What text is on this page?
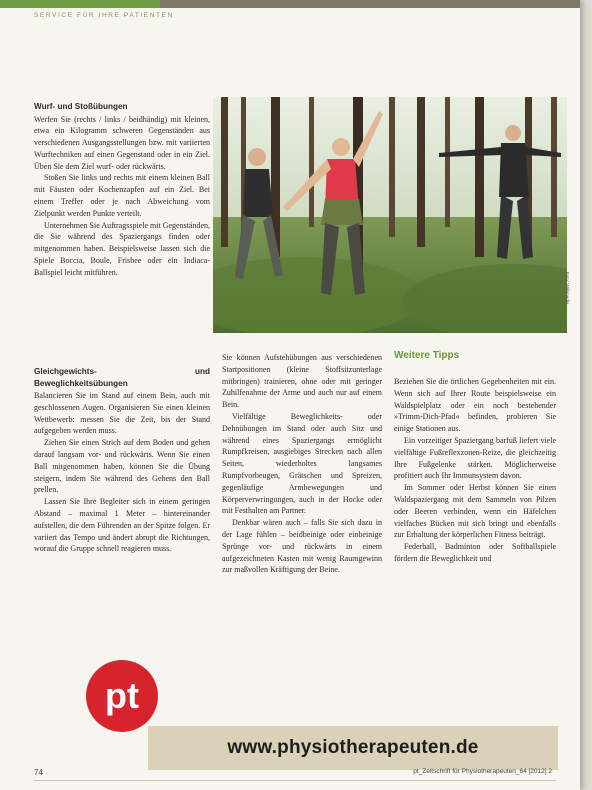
SERVICE FÜR IHRE PATIENTEN
Wurf- und Stoßübungen

Werfen Sie (rechts / links / beidhändig) mit kleinen, etwa ein Kilogramm schweren Gegenständen aus verschiedenen Ausgangsstellungen bzw. mit variierten Wurftechniken auf einen Gegenstand oder in ein Ziel. Üben Sie dem Ziel wurf- oder rückwärts.

Stoßen Sie links und rechts mit einem kleinen Ball mit Fäusten oder Kochenzapfen auf ein Ziel. Bei einem Treffer oder je nach Abweichung vom Zielpunkt werden Punkte verteilt.

Unternehmen Sie Auftragsspiele mit Gegenständen, die Sie während des Spaziergangs finden oder mitgenommen haben. Beispielsweise lassen sich die Spiele Boccia, Boule, Frisbee oder ein Indiaca-Ballspiel leicht mitführen.

Gleichgewichts- und Beweglichkeitsübungen

Balancieren Sie im Stand auf einem Bein, auch mit geschlossenen Augen. Organisieren Sie einen kleinen Wettbewerb: messen Sie die Zeit, bis der Stand aufgegeben werden muss.

Ziehen Sie einen Strich auf dem Boden und gehen darauf langsam vor- und rückwärts. Wenn Sie einen Ball mitgenommen haben, können Sie die Übung steigern, indem Sie während des Gehens den Ball prellen.

Lassen Sie Ihre Begleiter sich in einem geringen Abstand – maximal 1 Meter – hintereinander aufstellen, die dem Führenden an der Spitze folgen. Er variiert das Tempo und ändert abrupt die Richtungen, worauf die Gruppe schnell reagieren muss.

Foto: Wikimedia

Sie können Aufstehübungen aus verschiedenen Startpositionen (kleine Stoffsitzunterlage mitbringen) trainieren, ohne oder mit geringer Zuhilfenahme der Arme und auch nur auf einem Bein.

Vielfältige Beweglichkeits- oder Dehnübungen im Stand oder auch Sitz und während eines Spaziergangs ermöglicht Rumpfkreisen, ausgiebiges Strecken nach allen Seiten, wiederholtes langsames Rumpfvorbeugen, Grätschen und Spreizen, gegenläufige Armbewegungen und Körperverwringungen, auch in der Hocke oder mit Festhalten am Partner.

Denkbar wären auch – falls Sie sich dazu in der Lage fühlen – beidbeinige oder einbeinige Sprünge vor- und rückwärts in einem aufgezeichneten Kasten mit wenig Raumgewinn zur maßvollen Kräftigung der Beine.

Weitere Tipps

Beziehen Sie die örtlichen Gegebenheiten mit ein. Wenn sich auf Ihrer Route beispielsweise ein Waldspielplatz oder ein noch bestehender »Trimm-Dich-Pfad« befinden, probieren Sie einige Stationen aus.

Ein vorzeitiger Spaziergang barfuß liefert viele vielfältige Fußreflexzonen-Reize, die gleichzeitig Ihre Fußgelenke stärken. Möglicherweise profitiert auch Ihr Immunsystem davon.

Im Sommer oder Herbst können Sie einen Waldspaziergang mit dem Sammeln von Pilzen oder Beeren verbinden, wenn ein Häfelchen vielfaches Bücken mit sich bringt und ebenfalls zur Erhaltung der körperlichen Fitness beiträgt.

Federball, Badminton oder Softballspiele fördern die Beweglichkeit und

www.physiotherapeuten.de
pt
74	pt_Zeitschrift für Physiotherapeuten_64 [2012] 2
